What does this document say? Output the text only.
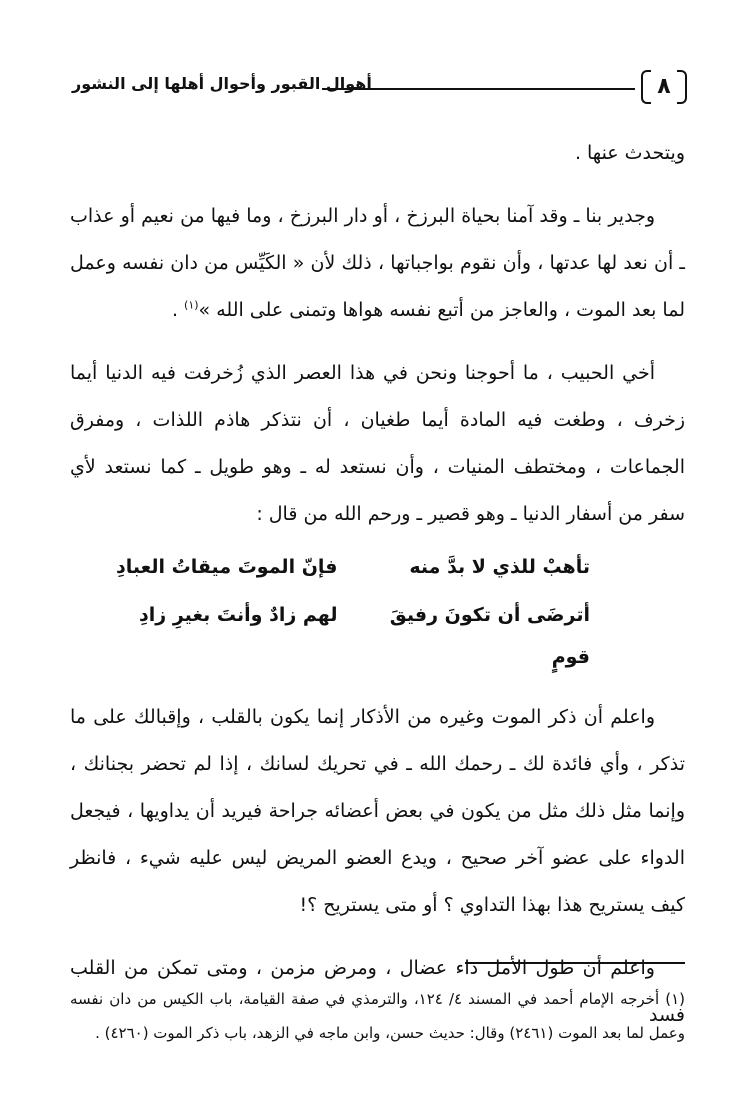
٨
أهوال القبور وأحوال أهلها إلى النشور

ويتحدث عنها .

وجدير بنا ـ وقد آمنا بحياة البرزخ ، أو دار البرزخ ، وما فيها من نعيم أو عذاب ـ أن نعد لها عدتها ، وأن نقوم بواجباتها ، ذلك لأن « الكَيِّس من دان نفسه وعمل لما بعد الموت ، والعاجز من أتبع نفسه هواها وتمنى على الله »$^{(١)}$ .

أخي الحبيب ، ما أحوجنا ونحن في هذا العصر الذي زُخرفت فيه الدنيا أيما زخرف ، وطغت فيه المادة أيما طغيان ، أن نتذكر هاذم اللذات ، ومفرق الجماعات ، ومختطف المنيات ، وأن نستعد له ـ وهو طويل ـ كما نستعد لأي سفر من أسفار الدنيا ـ وهو قصير ـ ورحم الله من قال :

تأهبْ للذي لا بدَّ منه
فإنّ الموتَ ميقاتُ العبادِ
أترضَى أن تكونَ رفيقَ قومٍ
لهم زادٌ وأنتَ بغيرِ زادِ

واعلم أن ذكر الموت وغيره من الأذكار إنما يكون بالقلب ، وإقبالك على ما تذكر ، وأي فائدة لك ـ رحمك الله ـ في تحريك لسانك ، إذا لم تحضر بجنانك ، وإنما مثل ذلك مثل من يكون في بعض أعضائه جراحة فيريد أن يداويها ، فيجعل الدواء على عضو آخر صحيح ، ويدع العضو المريض ليس عليه شيء ، فانظر كيف يستريح هذا بهذا التداوي ؟ أو متى يستريح ؟!

واعلم أن طول الأمل داء عضال ، ومرض مزمن ، ومتى تمكن من القلب فسد

(١) أخرجه الإمام أحمد في المسند ٤/ ١٢٤، والترمذي في صفة القيامة، باب الكيس من دان نفسه وعمل لما بعد الموت (٢٤٦١) وقال: حديث حسن، وابن ماجه في الزهد، باب ذكر الموت (٤٢٦٠) .
